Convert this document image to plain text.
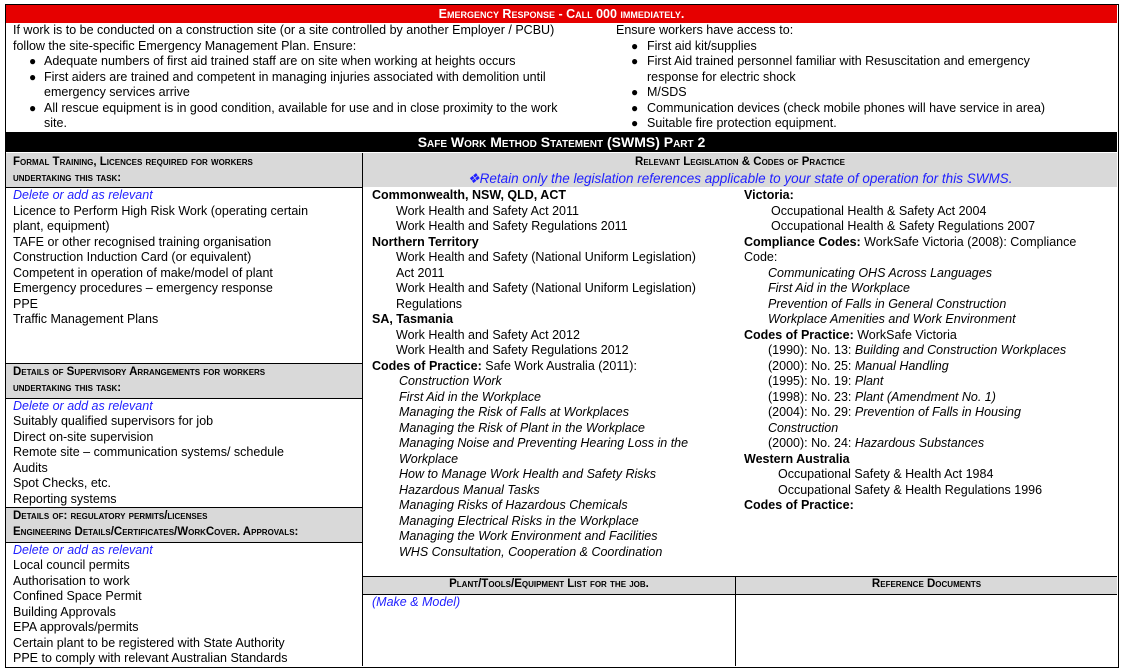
Emergency Response - Call 000 immediately.
If work is to be conducted on a construction site (or a site controlled by another Employer / PCBU)
follow the site-specific Emergency Management Plan. Ensure:
● Adequate numbers of first aid trained staff are on site when working at heights occurs
● First aiders are trained and competent in managing injuries associated with demolition until
emergency services arrive
● All rescue equipment is in good condition, available for use and in close proximity to the work
site.
Ensure workers have access to:
● First aid kit/supplies
● First Aid trained personnel familiar with Resuscitation and emergency
response for electric shock
● M/SDS
● Communication devices (check mobile phones will have service in area)
● Suitable fire protection equipment.
Safe Work Method Statement (SWMS) Part 2
Formal Training, Licences required for workers
undertaking this task:
Delete or add as relevant
Licence to Perform High Risk Work (operating certain
plant, equipment)
TAFE or other recognised training organisation
Construction Induction Card (or equivalent)
Competent in operation of make/model of plant
Emergency procedures – emergency response
PPE
Traffic Management Plans
Details of Supervisory Arrangements for workers
undertaking this task:
Delete or add as relevant
Suitably qualified supervisors for job
Direct on-site supervision
Remote site – communication systems/ schedule
Audits
Spot Checks, etc.
Reporting systems
Details of: regulatory permits/licenses
Engineering Details/Certificates/WorkCover. Approvals:
Delete or add as relevant
Local council permits
Authorisation to work
Confined Space Permit
Building Approvals
EPA approvals/permits
Certain plant to be registered with State Authority
PPE to comply with relevant Australian Standards
Relevant Legislation & Codes of Practice
❖Retain only the legislation references applicable to your state of operation for this SWMS.
Commonwealth, NSW, QLD, ACT
Work Health and Safety Act 2011
Work Health and Safety Regulations 2011
Northern Territory
Work Health and Safety (National Uniform Legislation)
Act 2011
Work Health and Safety (National Uniform Legislation)
Regulations
SA, Tasmania
Work Health and Safety Act 2012
Work Health and Safety Regulations 2012
Codes of Practice: Safe Work Australia (2011):
Construction Work
First Aid in the Workplace
Managing the Risk of Falls at Workplaces
Managing the Risk of Plant in the Workplace
Managing Noise and Preventing Hearing Loss in the
Workplace
How to Manage Work Health and Safety Risks
Hazardous Manual Tasks
Managing Risks of Hazardous Chemicals
Managing Electrical Risks in the Workplace
Managing the Work Environment and Facilities
WHS Consultation, Cooperation & Coordination
Victoria:
Occupational Health & Safety Act 2004
Occupational Health & Safety Regulations 2007
Compliance Codes: WorkSafe Victoria (2008): Compliance
Code:
Communicating OHS Across Languages
First Aid in the Workplace
Prevention of Falls in General Construction
Workplace Amenities and Work Environment
Codes of Practice: WorkSafe Victoria
(1990): No. 13: Building and Construction Workplaces
(2000): No. 25: Manual Handling
(1995): No. 19: Plant
(1998): No. 23: Plant (Amendment No. 1)
(2004): No. 29: Prevention of Falls in Housing
Construction
(2000): No. 24: Hazardous Substances
Western Australia
Occupational Safety & Health Act 1984
Occupational Safety & Health Regulations 1996
Codes of Practice:
Plant/Tools/Equipment List for the job.	Reference Documents
(Make & Model)
